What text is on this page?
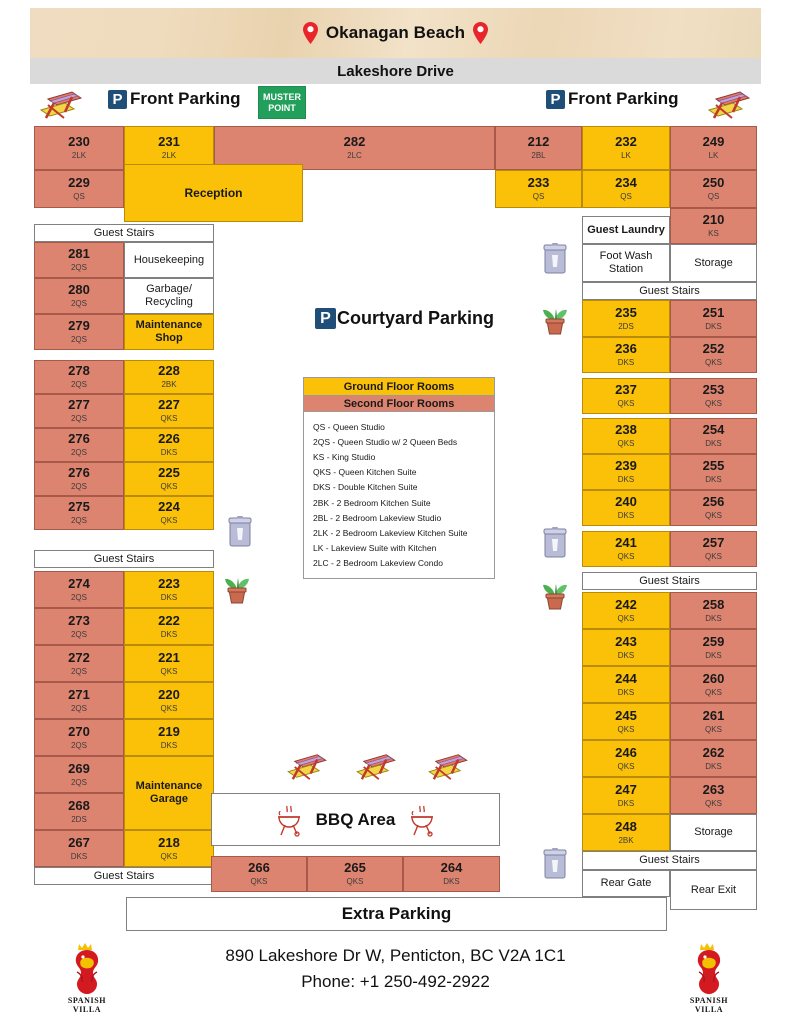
Okanagan Beach
Lakeshore Drive
P Front Parking MUSTER
POINT	P Front Parking
230
2LK
231
2LK
282
2LC
212
2BL
232
LK
249
LK
229
QS	Reception
233
QS
234
QS
250
QS
210
KS
Guest Laundry
Foot Wash Station
Storage
Guest Stairs
Guest Stairs
281
2QS
280
2QS
279
2QS
278
2QS
277
2QS
276
2QS
276
2QS
275
2QS
Housekeeping
Garbage/ Recycling
Maintenance Shop
228
2BK
227
QKS
226
DKS
225
QKS
224
QKS
Guest Stairs
274
2QS
273
2QS
272
2QS
271
2QS
270
2QS
269
2QS
268
2DS
267
DKS
223
DKS
222
DKS
221
QKS
220
QKS
219
DKS
Maintenance Garage
218
QKS
Guest Stairs
235
2DS
236
DKS
237
QKS
238
QKS
239
DKS
240
DKS
241
QKS
251
DKS
252
QKS
253
QKS
254
DKS
255
DKS
256
QKS
257
QKS
Guest Stairs
242
QKS
243
DKS
244
DKS
245
QKS
246
QKS
247
DKS
248
2BK
258
DKS
259
DKS
260
QKS
261
QKS
262
DKS
263
QKS
Storage
Guest Stairs
Rear Gate
Rear Exit
P Courtyard Parking
Ground Floor Rooms
Second Floor Rooms
QS - Queen Studio
2QS - Queen Studio w/ 2 Queen Beds
KS - King Studio
QKS - Queen Kitchen Suite
DKS - Double Kitchen Suite
2BK - 2 Bedroom Kitchen Suite
2BL - 2 Bedroom Lakeview Studio
2LK - 2 Bedroom Lakeview Kitchen Suite
LK - Lakeview Suite with Kitchen
2LC - 2 Bedroom Lakeview Condo
BBQ Area
266
QKS
265
QKS
264
DKS
Extra Parking
SPANISH
VILLA
890 Lakeshore Dr W, Penticton, BC V2A 1C1
Phone: +1 250-492-2922
SPANISH
VILLA
